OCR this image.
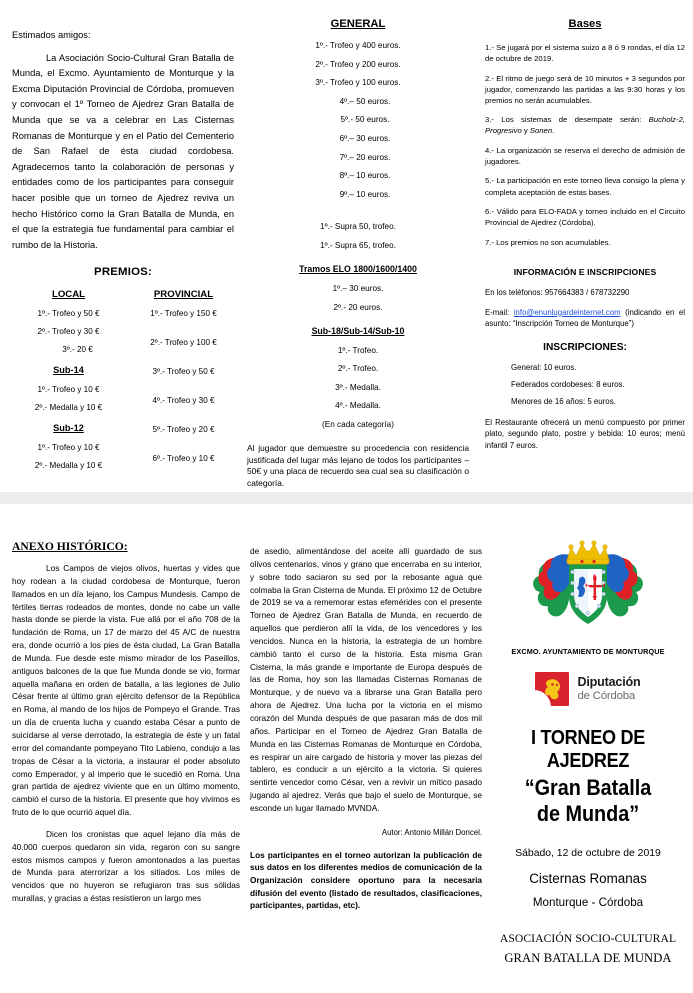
Estimados amigos:

La Asociación Socio-Cultural Gran Batalla de Munda, el Excmo. Ayuntamiento de Monturque y la Excma Diputación Provincial de Córdoba, promueven y convocan el 1º Torneo de Ajedrez Gran Batalla de Munda que se va a celebrar en Las Cisternas Romanas de Monturque y en el Patio del Cementerio de San Rafael de ésta ciudad cordobesa. Agradecemos tanto la colaboración de personas y entidades como de los participantes para conseguir hacer posible que un torneo de Ajedrez reviva un hecho Histórico como la Gran Batalla de Munda, en el que la estrategia fue fundamental para cambiar el rumbo de la Historia.

PREMIOS:
LOCAL
1º.- Trofeo y 50 €
2º.- Trofeo y 30 €
3º.- 20 €
Sub-14
1º.- Trofeo y 10 €
2º.- Medalla y 10 €
Sub-12
1º.- Trofeo y 10 €
2º.- Medalla y 10 €
PROVINCIAL
1º.- Trofeo y 150 €
2º.- Trofeo y 100 €
3º.- Trofeo y 50 €
4º.- Trofeo y 30 €
5º.- Trofeo y 20 €
6º.- Trofeo y 10 €
GENERAL
1º.- Trofeo y 400 euros.
2º.- Trofeo y 200 euros.
3º.- Trofeo y 100 euros.
4º.– 50 euros.
5º.- 50 euros.
6º.– 30 euros.
7º.– 20 euros.
8º.– 10 euros.
9º.– 10 euros.
1º.- Supra 50, trofeo.
1º.- Supra 65, trofeo.
Tramos ELO 1800/1600/1400
1º.– 30 euros.
2º.- 20 euros.
Sub-18/Sub-14/Sub-10
1º.- Trofeo.
2º.- Trofeo.
3º.- Medalla.
4º.- Medalla.
(En cada categoría)
Al jugador que demuestre su procedencia con residencia justificada del lugar más lejano de todos los participantes – 50€ y una placa de recuerdo sea cual sea su clasificación o categoría.
Bases
1.- Se jugará por el sistema suizo a 8 ó 9 rondas, el día 12 de octubre de 2019.
2.- El ritmo de juego será de 10 minutos + 3 segundos por jugador, comenzando las partidas a las 9:30 horas y los premios no serán acumulables.
3.- Los sistemas de desempate serán: Bucholz-2, Progresivo y Sonen.
4.- La organización se reserva el derecho de admisión de jugadores.
5.- La participación en este torneo lleva consigo la plena y completa aceptación de estas bases.
6.- Válido para ELO-FADA y torneo incluido en el Circuito Provincial de Ajedrez (Córdoba).
7.- Los premios no son acumulables.
INFORMACIÓN E INSCRIPCIONES
En los teléfonos: 957664383 / 678732290
E-mail: info@enunlugardeinternet.com (indicando en el asunto: “Inscripción Torneo de Monturque”)
INSCRIPCIONES:
General: 10 euros.
Federados cordobeses: 8 euros.
Menores de 16 años: 5 euros.
El Restaurante ofrecerá un menú compuesto por primer plato, segundo plato, postre y bebida: 10 euros; menú infantil 7 euros.
ANEXO HISTÓRICO:

Los Campos de viejos olivos, huertas y vides que hoy rodean a la ciudad cordobesa de Monturque, fueron llamados en un día lejano, los Campus Mundesis. Campo de fértiles tierras rodeados de montes, donde no cabe un valle hasta donde se pierde la vista. Fue allá por el año 708 de la fundación de Roma, un 17 de marzo del 45 A/C de nuestra era, donde ocurrió a los pies de ésta ciudad, La Gran Batalla de Munda. Fue desde este mismo mirador de los Paseillos, antiguos balcones de la que fue Munda donde se vio, formar aquella mañana en orden de batalla, a las legiones de Julio César frente al último gran ejército defensor de la República en Roma, al mando de los hijos de Pompeyo el Grande. Tras un día de cruenta lucha y cuando estaba César a punto de suicidarse al verse derrotado, la estrategia de éste y un fatal error del comandante pompeyano Tito Labieno, condujo a las tropas de César a la victoria, a instaurar el poder absoluto como Emperador, y al imperio que le sucedió en Roma. Una gran partida de ajedrez viviente que en un último momento, cambió el curso de la historia. El presente que hoy vivimos es fruto de lo que ocurrió aquel día.

Dicen los cronistas que aquel lejano día más de 40.000 cuerpos quedaron sin vida, regaron con su sangre estos mismos campos y fueron amontonados a las puertas de Munda para aterrorizar a los sitiados. Los miles de vencidos que no huyeron se refugiaron tras sus sólidas murallas, y gracias a éstas resistieron un largo mes

de asedio, alimentándose del aceite allí guardado de sus olivos centenarios, vinos y grano que encerraba en su interior, y sobre todo saciaron su sed por la rebosante agua que colmaba la Gran Cisterna de Munda. El próximo 12 de Octubre de 2019 se va a rememorar estas efemérides con el presente Torneo de Ajedrez Gran Batalla de Munda, en recuerdo de aquellos que perdieron allí la vida, de los vencedores y los vencidos. Nunca en la historia, la estrategia de un hombre cambió tanto el curso de la historia. Esta misma Gran Cisterna, la más grande e importante de Europa después de las de Roma, hoy son las llamadas Cisternas Romanas de Monturque, y de nuevo va a librarse una Gran Batalla pero ahora de Ajedrez. Una lucha por la victoria en el mismo corazón del Munda después de que pasaran más de dos mil años. Participar en el Torneo de Ajedrez Gran Batalla de Munda en las Cisternas Romanas de Monturque en Córdoba, es respirar un aire cargado de historia y mover las piezas del tablero, es conducir a un ejército a la victoria. Si quieres sentirte vencedor como César, ven a revivir un mítico pasado jugando al ajedrez. Verás que bajo el suelo de Monturque, se esconde un lugar llamado MVNDA.

Autor: Antonio Millán Doncel.
Los participantes en el torneo autorizan la publicación de sus datos en los diferentes medios de comunicación de la Organización considere oportuno para la necesaria difusión del evento (listado de resultados, clasificaciones, participantes, partidas, etc).
EXCMO. AYUNTAMIENTO DE MONTURQUE
Diputación
de Córdoba
I TORNEO DE AJEDREZ
“Gran Batalla
de Munda”
Sábado, 12 de octubre de 2019
Cisternas Romanas
Monturque - Córdoba
ASOCIACIÓN SOCIO-CULTURAL
GRAN BATALLA DE MUNDA
